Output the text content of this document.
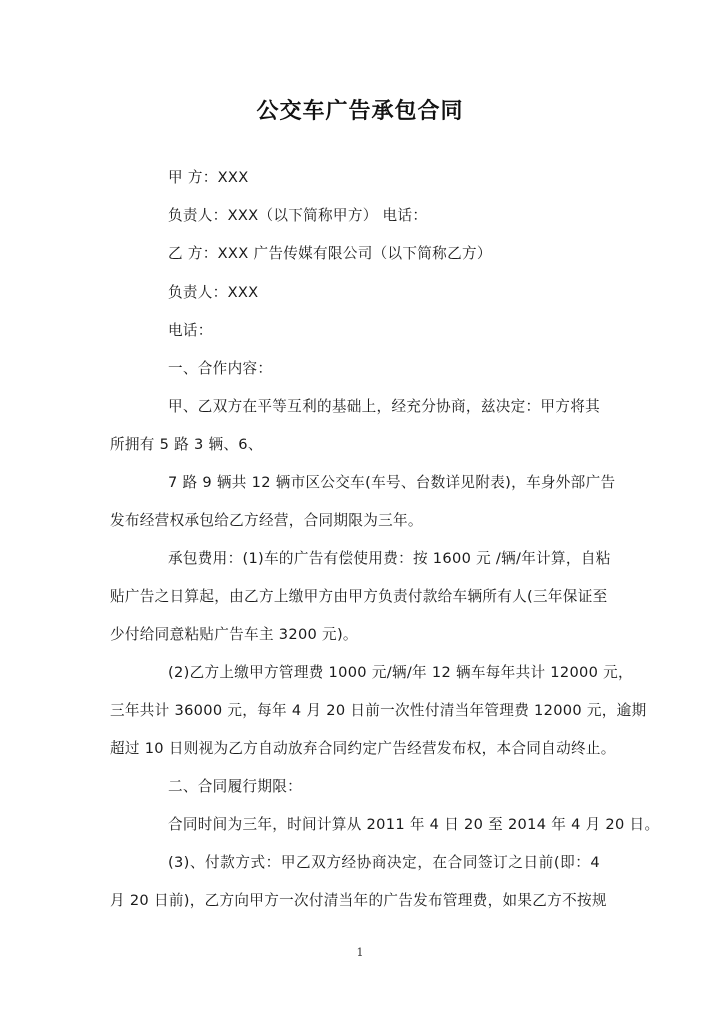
公交车广告承包合同
甲 方：XXX
负责人：XXX（以下简称甲方） 电话：
乙 方：XXX 广告传媒有限公司（以下简称乙方）
负责人：XXX
电话：
一、合作内容：
甲、乙双方在平等互利的基础上，经充分协商，兹决定：甲方将其
所拥有 5 路 3 辆、6、
7 路 9 辆共 12 辆市区公交车(车号、台数详见附表)，车身外部广告
发布经营权承包给乙方经营，合同期限为三年。
承包费用：(1)车的广告有偿使用费：按 1600 元 /辆/年计算，自粘
贴广告之日算起，由乙方上缴甲方由甲方负责付款给车辆所有人(三年保证至
少付给同意粘贴广告车主 3200 元)。
(2)乙方上缴甲方管理费 1000 元/辆/年 12 辆车每年共计 12000 元，
三年共计 36000 元，每年 4 月 20 日前一次性付清当年管理费 12000 元，逾期
超过 10 日则视为乙方自动放弃合同约定广告经营发布权，本合同自动终止。
二、合同履行期限：
合同时间为三年，时间计算从 2011 年 4 日 20 至 2014 年 4 月 20 日。
(3)、付款方式：甲乙双方经协商决定，在合同签订之日前(即：4
月 20 日前)，乙方向甲方一次付清当年的广告发布管理费，如果乙方不按规
1
